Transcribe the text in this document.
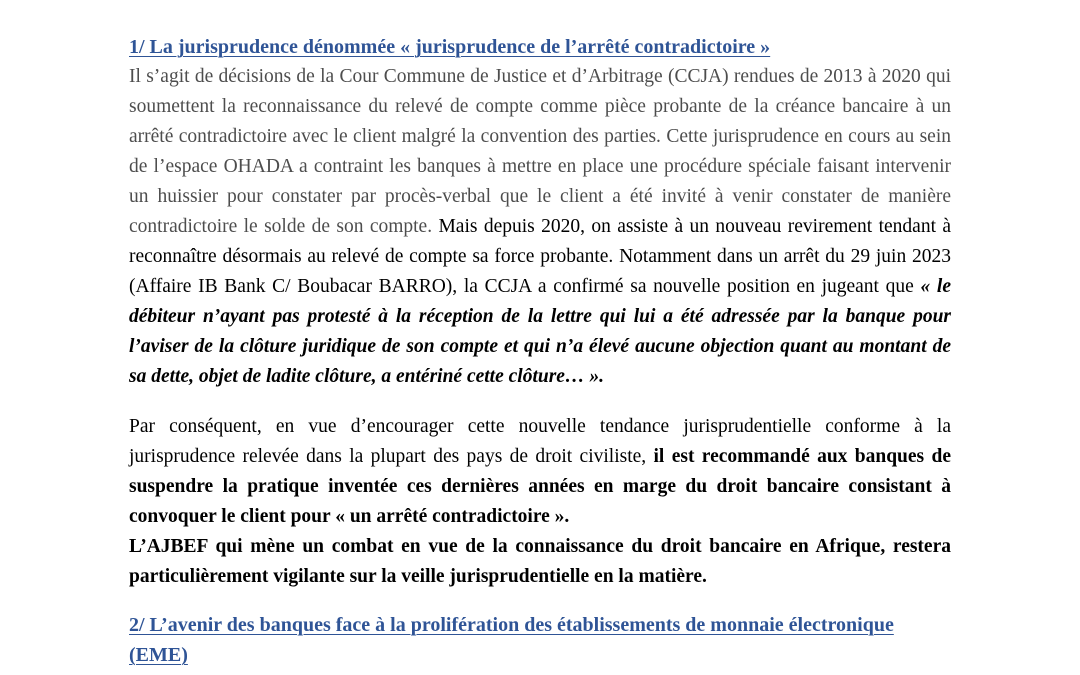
1/ La jurisprudence dénommée « jurisprudence de l’arrêté contradictoire »

Il s’agit de décisions de la Cour Commune de Justice et d’Arbitrage (CCJA) rendues de 2013 à 2020 qui soumettent la reconnaissance du relevé de compte comme pièce probante de la créance bancaire à un arrêté contradictoire avec le client malgré la convention des parties. Cette jurisprudence en cours au sein de l’espace OHADA a contraint les banques à mettre en place une procédure spéciale faisant intervenir un huissier pour constater par procès-verbal que le client a été invité à venir constater de manière contradictoire le solde de son compte. Mais depuis 2020, on assiste à un nouveau revirement tendant à reconnaître désormais au relevé de compte sa force probante. Notamment dans un arrêt du 29 juin 2023 (Affaire IB Bank C/ Boubacar BARRO), la CCJA a confirmé sa nouvelle position en jugeant que « le débiteur n’ayant pas protesté à la réception de la lettre qui lui a été adressée par la banque pour l’aviser de la clôture juridique de son compte et qui n’a élevé aucune objection quant au montant de sa dette, objet de ladite clôture, a entériné cette clôture… ».

Par conséquent, en vue d’encourager cette nouvelle tendance jurisprudentielle conforme à la jurisprudence relevée dans la plupart des pays de droit civiliste, il est recommandé aux banques de suspendre la pratique inventée ces dernières années en marge du droit bancaire consistant à convoquer le client pour « un arrêté contradictoire ».

L’AJBEF qui mène un combat en vue de la connaissance du droit bancaire en Afrique, restera particulièrement vigilante sur la veille jurisprudentielle en la matière.

2/ L’avenir des banques face à la prolifération des établissements de monnaie électronique (EME)
